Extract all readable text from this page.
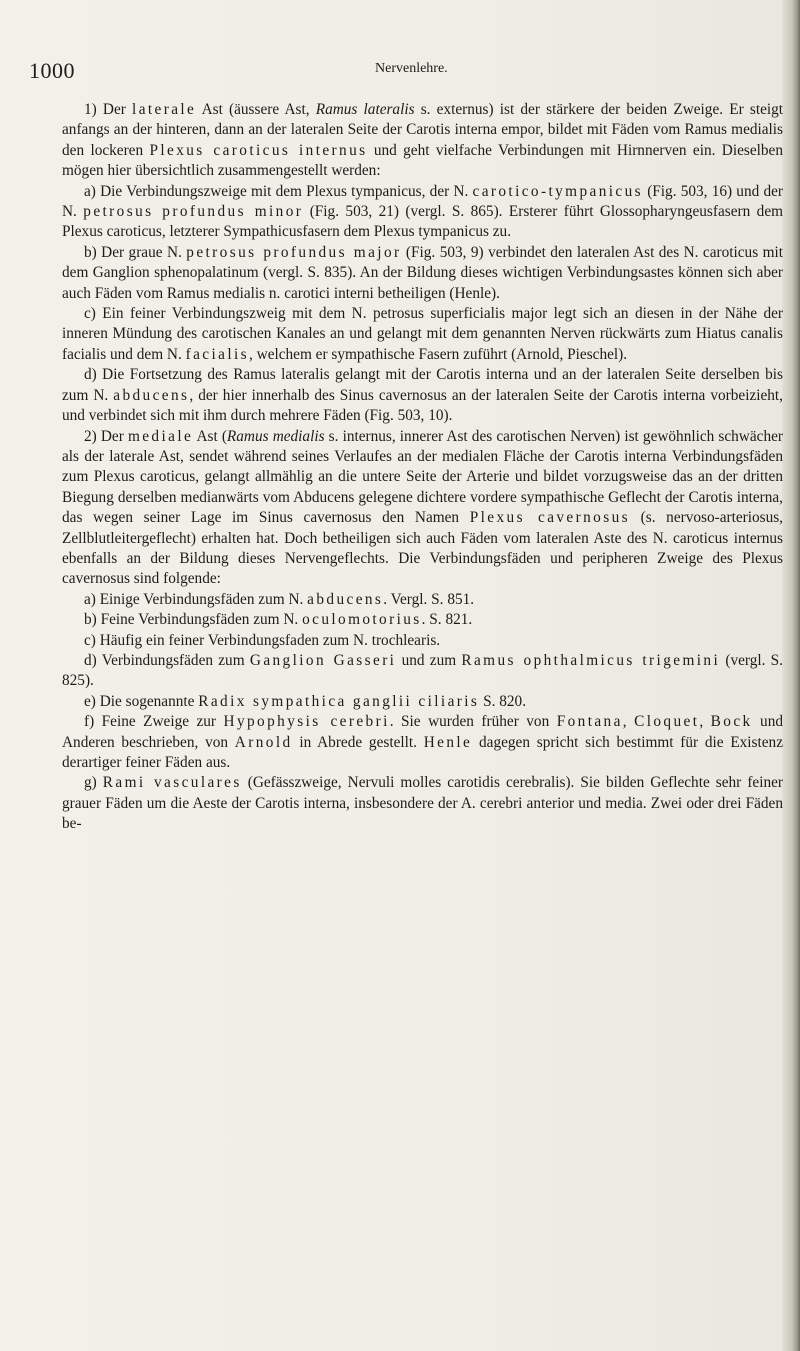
1000	Nervenlehre.

1) Der laterale Ast (äussere Ast, Ramus lateralis s. externus) ist der stärkere der beiden Zweige. Er steigt anfangs an der hinteren, dann an der lateralen Seite der Carotis interna empor, bildet mit Fäden vom Ramus medialis den lockeren Plexus caroticus internus und geht vielfache Verbindungen mit Hirnnerven ein. Dieselben mögen hier übersichtlich zusammengestellt werden:

a) Die Verbindungszweige mit dem Plexus tympanicus, der N. carotico-tympanicus (Fig. 503, 16) und der N. petrosus profundus minor (Fig. 503, 21) (vergl. S. 865). Ersterer führt Glossopharyngeusfasern dem Plexus caroticus, letzterer Sympathicusfasern dem Plexus tympanicus zu.

b) Der graue N. petrosus profundus major (Fig. 503, 9) verbindet den lateralen Ast des N. caroticus mit dem Ganglion sphenopalatinum (vergl. S. 835). An der Bildung dieses wichtigen Verbindungsastes können sich aber auch Fäden vom Ramus medialis n. carotici interni betheiligen (Henle).

c) Ein feiner Verbindungszweig mit dem N. petrosus superficialis major legt sich an diesen in der Nähe der inneren Mündung des carotischen Kanales an und gelangt mit dem genannten Nerven rückwärts zum Hiatus canalis facialis und dem N. facialis, welchem er sympathische Fasern zuführt (Arnold, Pieschel).

d) Die Fortsetzung des Ramus lateralis gelangt mit der Carotis interna und an der lateralen Seite derselben bis zum N. abducens, der hier innerhalb des Sinus cavernosus an der lateralen Seite der Carotis interna vorbeizieht, und verbindet sich mit ihm durch mehrere Fäden (Fig. 503, 10).

2) Der mediale Ast (Ramus medialis s. internus, innerer Ast des carotischen Nerven) ist gewöhnlich schwächer als der laterale Ast, sendet während seines Verlaufes an der medialen Fläche der Carotis interna Verbindungsfäden zum Plexus caroticus, gelangt allmählig an die untere Seite der Arterie und bildet vorzugsweise das an der dritten Biegung derselben medianwärts vom Abducens gelegene dichtere vordere sympathische Geflecht der Carotis interna, das wegen seiner Lage im Sinus cavernosus den Namen Plexus cavernosus (s. nervoso-arteriosus, Zellblutleitergeflecht) erhalten hat. Doch betheiligen sich auch Fäden vom lateralen Aste des N. caroticus internus ebenfalls an der Bildung dieses Nervengeflechts. Die Verbindungsfäden und peripheren Zweige des Plexus cavernosus sind folgende:

a) Einige Verbindungsfäden zum N. abducens. Vergl. S. 851.

b) Feine Verbindungsfäden zum N. oculomotorius. S. 821.

c) Häufig ein feiner Verbindungsfaden zum N. trochlearis.

d) Verbindungsfäden zum Ganglion Gasseri und zum Ramus ophthalmicus trigemini (vergl. S. 825).

e) Die sogenannte Radix sympathica ganglii ciliaris S. 820.

f) Feine Zweige zur Hypophysis cerebri. Sie wurden früher von Fontana, Cloquet, Bock und Anderen beschrieben, von Arnold in Abrede gestellt. Henle dagegen spricht sich bestimmt für die Existenz derartiger feiner Fäden aus.

g) Rami vasculares (Gefässzweige, Nervuli molles carotidis cerebralis). Sie bilden Geflechte sehr feiner grauer Fäden um die Aeste der Carotis interna, insbesondere der A. cerebri anterior und media. Zwei oder drei Fäden be-
